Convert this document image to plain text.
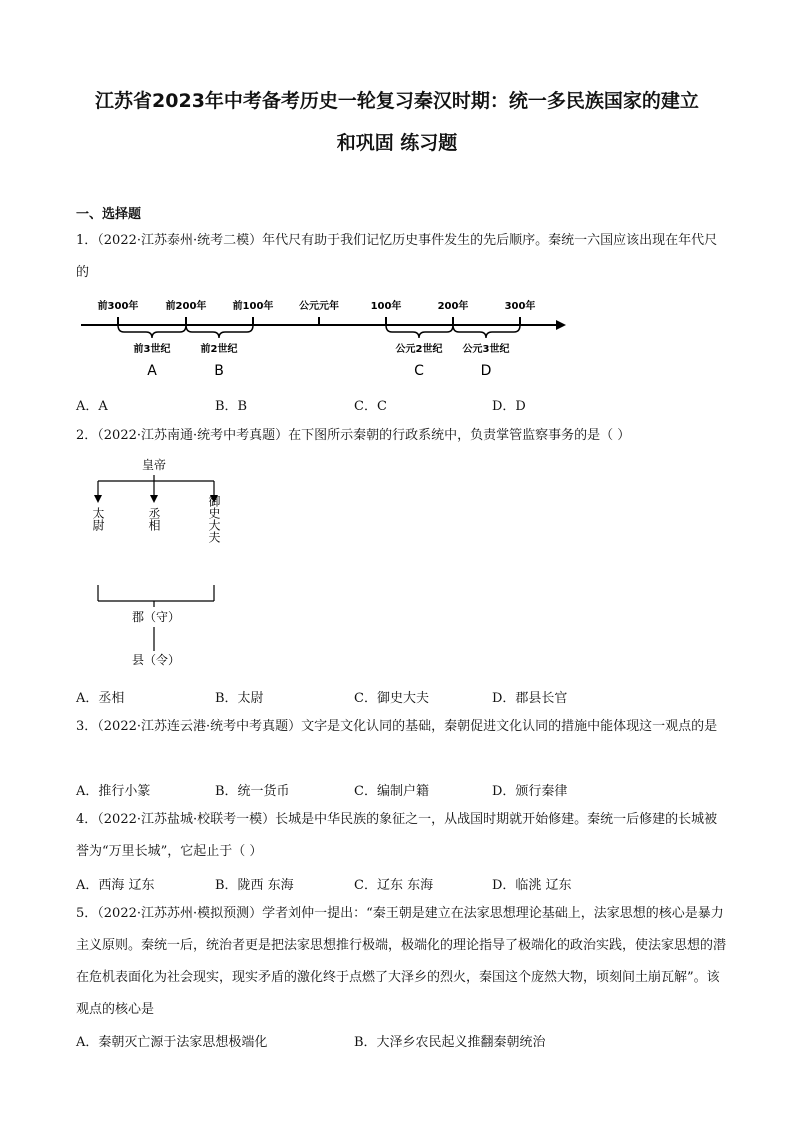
江苏省2023年中考备考历史一轮复习秦汉时期：统一多民族国家的建立
和巩固 练习题
一、选择题
1．（2022·江苏泰州·统考二模）年代尺有助于我们记忆历史事件发生的先后顺序。秦统一六国应该出现在年代尺的
前300年	前200年	前100年	公元元年	100年	200年	300年
前3世纪	前2世纪	公元2世纪 公元3世纪
A	B	C	D
A．A	B．B	C．C	D．D
2．（2022·江苏南通·统考中考真题）在下图所示秦朝的行政系统中，负责掌管监察事务的是（ ）
皇帝
太尉	丞相	御史大夫
郡（守）
县（令）
A．丞相	B．太尉	C．御史大夫	D．郡县长官
3．（2022·江苏连云港·统考中考真题）文字是文化认同的基础，秦朝促进文化认同的措施中能体现这一观点的是
A．推行小篆	B．统一货币	C．编制户籍	D．颁行秦律
4．（2022·江苏盐城·校联考一模）长城是中华民族的象征之一，从战国时期就开始修建。秦统一后修建的长城被誉为“万里长城”，它起止于（ ）
A．西海 辽东	B．陇西 东海	C．辽东 东海	D．临洮 辽东
5．（2022·江苏苏州·模拟预测）学者刘仲一提出：“秦王朝是建立在法家思想理论基础上，法家思想的核心是暴力主义原则。秦统一后，统治者更是把法家思想推行极端，极端化的理论指导了极端化的政治实践，使法家思想的潜在危机表面化为社会现实，现实矛盾的激化终于点燃了大泽乡的烈火，秦国这个庞然大物，顷刻间土崩瓦解”。该观点的核心是
A．秦朝灭亡源于法家思想极端化	B．大泽乡农民起义推翻秦朝统治
